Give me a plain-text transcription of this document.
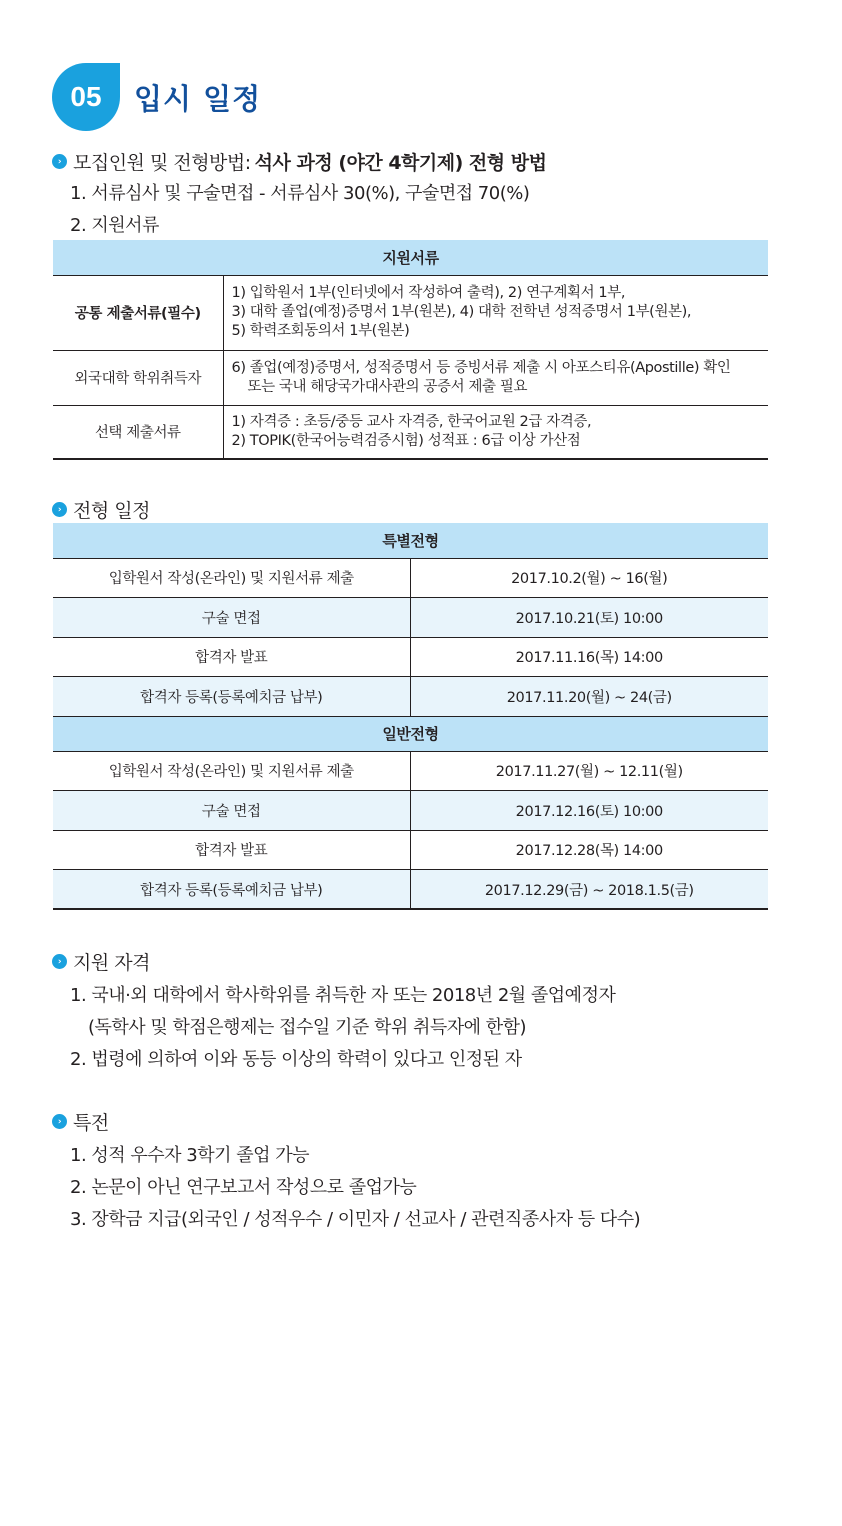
05	입시 일정
› 모집인원 및 전형방법: 석사 과정 (야간 4학기제) 전형 방법
1. 서류심사 및 구술면접 - 서류심사 30(%), 구술면접 70(%)
2. 지원서류
지원서류	
공통 제출서류(필수)	1) 입학원서 1부(인터넷에서 작성하여 출력), 2) 연구계획서 1부,
3) 대학 졸업(예정)증명서 1부(원본), 4) 대학 전학년 성적증명서 1부(원본),
5) 학력조회동의서 1부(원본)

외국대학 학위취득자	6) 졸업(예정)증명서, 성적증명서 등 증빙서류 제출 시 아포스티유(Apostille) 확인
또는 국내 해당국가대사관의 공증서 제출 필요

선택 제출서류	1) 자격증 : 초등/중등 교사 자격증, 한국어교원 2급 자격증,
2) TOPIK(한국어능력검증시험) 성적표 : 6급 이상 가산점
› 전형 일정
특별전형	
입학원서 작성(온라인) 및 지원서류 제출	2017.10.2(월) ~ 16(월)
구술 면접	2017.10.21(토) 10:00
합격자 발표	2017.11.16(목) 14:00
합격자 등록(등록예치금 납부)	2017.11.20(월) ~ 24(금)
일반전형	
입학원서 작성(온라인) 및 지원서류 제출	2017.11.27(월) ~ 12.11(월)
구술 면접	2017.12.16(토) 10:00
합격자 발표	2017.12.28(목) 14:00
합격자 등록(등록예치금 납부)	2017.12.29(금) ~ 2018.1.5(금)
› 지원 자격
1. 국내·외 대학에서 학사학위를 취득한 자 또는 2018년 2월 졸업예정자
(독학사 및 학점은행제는 접수일 기준 학위 취득자에 한함)
2. 법령에 의하여 이와 동등 이상의 학력이 있다고 인정된 자
› 특전
1. 성적 우수자 3학기 졸업 가능
2. 논문이 아닌 연구보고서 작성으로 졸업가능
3. 장학금 지급(외국인 / 성적우수 / 이민자 / 선교사 / 관련직종사자 등 다수)
